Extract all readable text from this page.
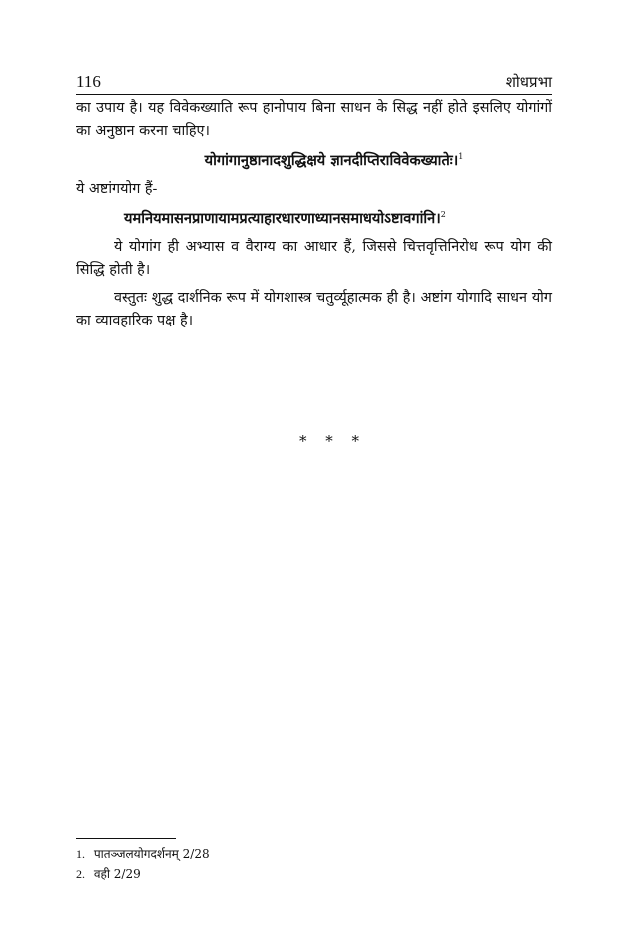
116	शोधप्रभा

का उपाय है। यह विवेकख्याति रूप हानोपाय बिना साधन के सिद्ध नहीं होते इसलिए योगांगों का अनुष्ठान करना चाहिए।

योगांगानुष्ठानादशुद्धिक्षये ज्ञानदीप्तिराविवेकख्यातेः।$^1$

ये अष्टांगयोग हैं-

यमनियमासनप्राणायामप्रत्याहारधारणाध्यानसमाधयोऽष्टावगांनि।$^2$

ये योगांग ही अभ्यास व वैराग्य का आधार हैं, जिससे चित्तवृत्तिनिरोध रूप योग की सिद्धि होती है।

वस्तुतः शुद्ध दार्शनिक रूप में योगशास्त्र चतुर्व्यूहात्मक ही है। अष्टांग योगादि साधन योग का व्यावहारिक पक्ष है।

* * *
1. पातञ्जलयोगदर्शनम् 2/28
2. वही 2/29
